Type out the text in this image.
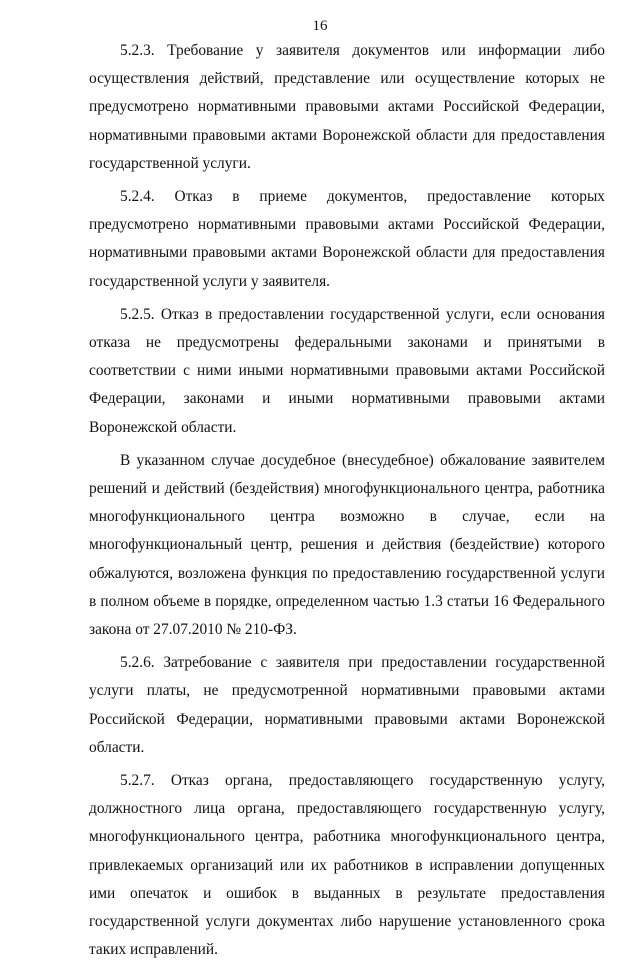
16

5.2.3. Требование у заявителя документов или информации либо осуществления действий, представление или осуществление которых не предусмотрено нормативными правовыми актами Российской Федерации, нормативными правовыми актами Воронежской области для предоставления государственной услуги.

5.2.4. Отказ в приеме документов, предоставление которых предусмотрено нормативными правовыми актами Российской Федерации, нормативными правовыми актами Воронежской области для предоставления государственной услуги у заявителя.

5.2.5. Отказ в предоставлении государственной услуги, если основания отказа не предусмотрены федеральными законами и принятыми в соответствии с ними иными нормативными правовыми актами Российской Федерации, законами и иными нормативными правовыми актами Воронежской области.

В указанном случае досудебное (внесудебное) обжалование заявителем решений и действий (бездействия) многофункционального центра, работника многофункционального центра возможно в случае, если на многофункциональный центр, решения и действия (бездействие) которого обжалуются, возложена функция по предоставлению государственной услуги в полном объеме в порядке, определенном частью 1.3 статьи 16 Федерального закона от 27.07.2010 № 210-ФЗ.

5.2.6. Затребование с заявителя при предоставлении государственной услуги платы, не предусмотренной нормативными правовыми актами Российской Федерации, нормативными правовыми актами Воронежской области.

5.2.7. Отказ органа, предоставляющего государственную услугу, должностного лица органа, предоставляющего государственную услугу, многофункционального центра, работника многофункционального центра, привлекаемых организаций или их работников в исправлении допущенных ими опечаток и ошибок в выданных в результате предоставления государственной услуги документах либо нарушение установленного срока таких исправлений.
